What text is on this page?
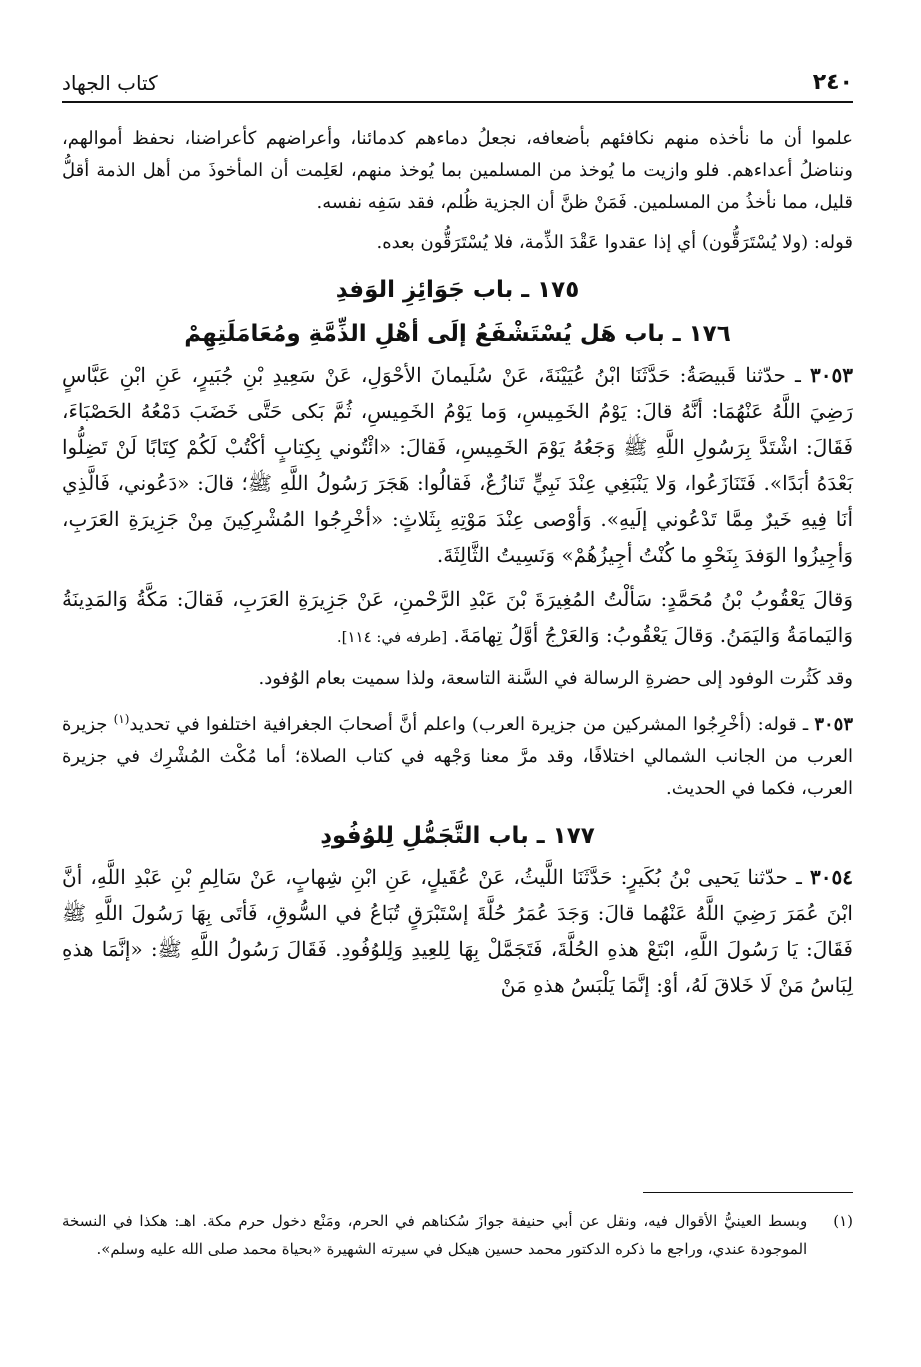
٢٤٠
كتاب الجهاد

علموا أن ما نأخذه منهم نكافئهم بأضعافه، نجعلُ دماءهم كدمائنا، وأعراضهم كأعراضنا، نحفظ أموالهم، ونناضلُ أعداءهم. فلو وازيت ما يُوخذ من المسلمين بما يُوخذ منهم، لعَلِمت أن المأخوذَ من أهل الذمة أقلُّ قليل، مما نأخذُ من المسلمين. فَمَنْ ظنَّ أن الجزية ظُلم، فقد سَفِه نفسه.

قوله: (ولا يُسْتَرَقُّون) أي إذا عقدوا عَقْدَ الذِّمة، فلا يُسْتَرَقُّون بعده.

١٧٥ ـ باب جَوَائِزِ الوَفدِ
١٧٦ ـ باب هَل يُسْتَشْفَعُ إلَى أهْلِ الذِّمَّةِ ومُعَامَلَتِهِمْ

٣٠٥٣ ـ حدّثنا قَبيصَةُ: حَدَّثَنَا ابْنُ عُيَيْنَةَ، عَنْ سُلَيمانَ الأحْوَلِ، عَنْ سَعِيدِ بْنِ جُبَيرٍ، عَنِ ابْنِ عَبَّاسٍ رَضِيَ اللَّهُ عَنْهُمَا: أنَّهُ قالَ: يَوْمُ الخَمِيسِ، وَما يَوْمُ الخَمِيسِ، ثُمَّ بَكى حَتَّى خَضَبَ دَمْعُهُ الحَصْبَاءَ، فَقَالَ: اشْتَدَّ بِرَسُولِ اللَّهِ ﷺ وَجَعُهُ يَوْمَ الخَمِيسِ، فَقالَ: «ائْتُوني بِكِتابٍ أكْتُبْ لَكُمْ كِتَابًا لَنْ تَضِلُّوا بَعْدَهُ أبَدًا». فَتَنَازَعُوا، وَلا يَنْبَغِي عِنْدَ نَبِيٍّ تَنازُعٌ، فَقالُوا: هَجَرَ رَسُولُ اللَّهِ ﷺ؛ قالَ: «دَعُوني، فَالَّذِي أنَا فِيهِ خَيرٌ مِمَّا تَدْعُوني إلَيهِ». وَأوْصى عِنْدَ مَوْتِهِ بِثَلاثٍ: «أخْرِجُوا المُشْرِكِينَ مِنْ جَزِيرَةِ العَرَبِ، وَأجِيزُوا الوَفدَ بِنَحْوِ ما كُنْتُ أجِيزُهُمْ» وَنَسِيتُ الثَّالِثَةَ.

وَقالَ يَعْقُوبُ بْنُ مُحَمَّدٍ: سَألْتُ المُغِيرَةَ بْنَ عَبْدِ الرَّحْمنِ، عَنْ جَزِيرَةِ العَرَبِ، فَقالَ: مَكَّةُ وَالمَدِينَةُ وَاليَمامَةُ وَاليَمَنُ. وَقالَ يَعْقُوبُ: وَالعَرْجُ أوَّلُ تِهامَةَ. [طرفه في: ١١٤].

وقد كَثُرت الوفود إلى حضرةِ الرسالة في السَّنة التاسعة، ولذا سميت بعام الوُفود.

٣٠٥٣ ـ قوله: (أخْرِجُوا المشركين من جزيرة العرب) واعلم أنَّ أصحابَ الجغرافية اختلفوا في تحديد$^{(١)}$ جزيرة العرب من الجانب الشمالي اختلافًا، وقد مرَّ معنا وَجْهه في كتاب الصلاة؛ أما مُكْث المُشْرِك في جزيرة العرب، فكما في الحديث.

١٧٧ ـ باب التَّجَمُّلِ لِلوُفُودِ

٣٠٥٤ ـ حدّثنا يَحيى بْنُ بُكَيرٍ: حَدَّثَنَا اللَّيثُ، عَنْ عُقَيلٍ، عَنِ ابْنِ شِهابٍ، عَنْ سَالِمِ بْنِ عَبْدِ اللَّهِ، أنَّ ابْنَ عُمَرَ رَضِيَ اللَّهُ عَنْهُما قالَ: وَجَدَ عُمَرُ حُلَّةَ إسْتَبْرَقٍ تُبَاعُ في السُّوقِ، فَأتَى بِهَا رَسُولَ اللَّهِ ﷺ فَقَالَ: يَا رَسُولَ اللَّهِ، ابْتَعْ هذهِ الحُلَّةَ، فَتَجَمَّلْ بِهَا لِلعِيدِ وَلِلوُفُودِ. فَقَالَ رَسُولُ اللَّهِ ﷺ: «إنَّمَا هذهِ لِبَاسُ مَنْ لَا خَلاقَ لَهُ، أوْ: إنَّمَا يَلْبَسُ هذهِ مَنْ

(١)
وبسط العينيُّ الأقوال فيه، ونقل عن أبي حنيفة جوازَ سُكناهم في الحرم، ومَنْع دخول حرم مكة. اهـ: هكذا في النسخة الموجودة عندي، وراجع ما ذكره الدكتور محمد حسين هيكل في سيرته الشهيرة «بحياة محمد صلى الله عليه وسلم».
